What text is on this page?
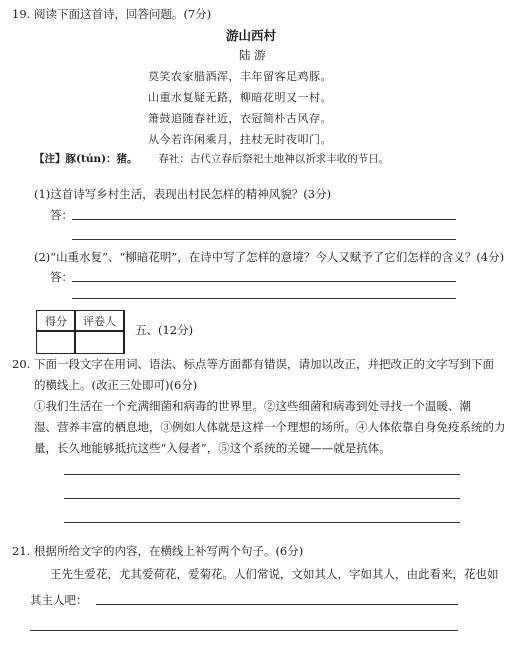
19. 阅读下面这首诗，回答问题。(7分)
游山西村
陆 游
莫笑农家腊酒浑，丰年留客足鸡豚。
山重水复疑无路，柳暗花明又一村。
箫鼓追随春社近，衣冠简朴古风存。
从今若许闲乘月，拄杖无时夜叩门。
【注】豚(tún)：猪。 春社：古代立春后祭祀土地神以祈求丰收的节日。
(1)这首诗写乡村生活，表现出村民怎样的精神风貌？(3分)
答：
(2)“山重水复”、“柳暗花明”，在诗中写了怎样的意境？今人又赋予了它们怎样的含义？(4分)
答：
得分	评卷人
五、(12分)
20. 下面一段文字在用词、语法、标点等方面都有错误，请加以改正，并把改正的文字写到下面
的横线上。(改正三处即可)(6分)
①我们生活在一个充满细菌和病毒的世界里。②这些细菌和病毒到处寻找一个温暖、潮
湿、营养丰富的栖息地，③例如人体就是这样一个理想的场所。④人体依靠自身免疫系统的力
量，长久地能够抵抗这些“入侵者”，⑤这个系统的关键——就是抗体。
21. 根据所给文字的内容，在横线上补写两个句子。(6分)
王先生爱花，尤其爱荷花，爱菊花。人们常说，文如其人，字如其人，由此看来，花也如
其主人吧：
